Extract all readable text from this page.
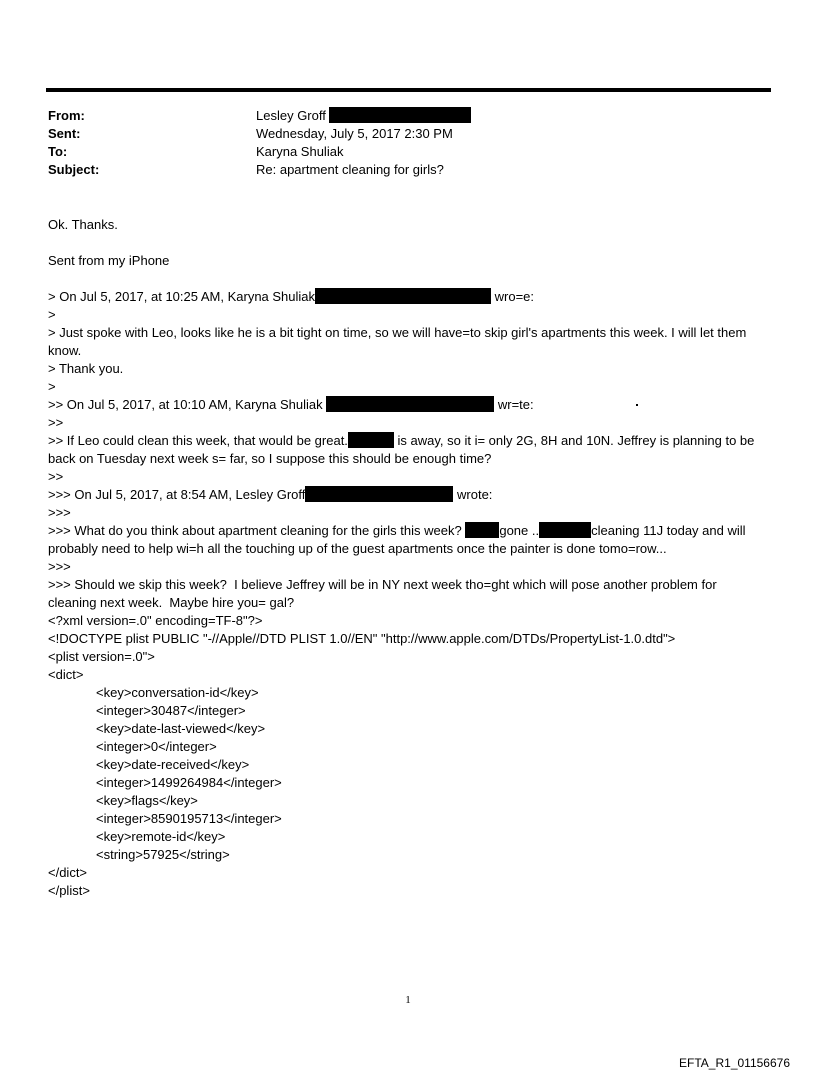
From:	Lesley Groff
Sent:	Wednesday, July 5, 2017 2:30 PM
To:	Karyna Shuliak
Subject:	Re: apartment cleaning for girls?
Ok. Thanks.
Sent from my iPhone
> On Jul 5, 2017, at 10:25 AM, Karyna Shuliak	wro=e:
>
> Just spoke with Leo, looks like he is a bit tight on time, so we will have=to skip girl's apartments this week. I will let them know.
> Thank you.
>
>> On Jul 5, 2017, at 10:10 AM, Karyna Shuliak	wr=te:
>>
>> If Leo could clean this week, that would be great.	is away, so it i= only 2G, 8H and 10N. Jeffrey is planning to be back on Tuesday next week s= far, so I suppose this should be enough time?
>>
>>> On Jul 5, 2017, at 8:54 AM, Lesley Groff	wrote:
>>>
>>> What do you think about apartment cleaning for the girls this week?	gone ..	cleaning 11J today and will probably need to help wi=h all the touching up of the guest apartments once the painter is done tomo=row...
>>>
>>> Should we skip this week?  I believe Jeffrey will be in NY next week tho=ght which will pose another problem for cleaning next week.  Maybe hire you= gal?
<?xml version=.0" encoding=TF-8"?>
<!DOCTYPE plist PUBLIC "-//Apple//DTD PLIST 1.0//EN" "http://www.apple.com/DTDs/PropertyList-1.0.dtd">
<plist version=.0">
<dict>
<key>conversation-id</key>
<integer>30487</integer>
<key>date-last-viewed</key>
<integer>0</integer>
<key>date-received</key>
<integer>1499264984</integer>
<key>flags</key>
<integer>8590195713</integer>
<key>remote-id</key>
<string>57925</string>
</dict>
</plist>
1
EFTA_R1_01156676
